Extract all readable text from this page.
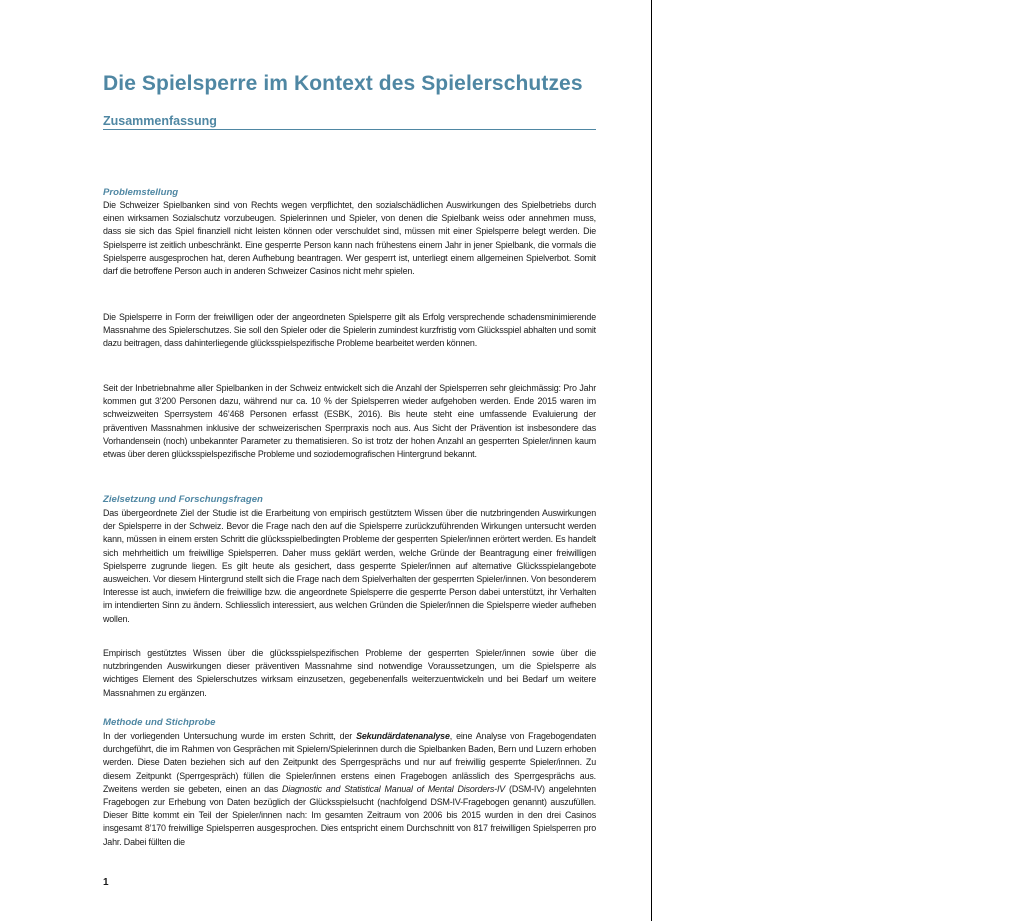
Die Spielsperre im Kontext des Spielerschutzes
Zusammenfassung
Problemstellung

Die Schweizer Spielbanken sind von Rechts wegen verpflichtet, den sozialschädlichen Auswirkungen des Spielbetriebs durch einen wirksamen Sozialschutz vorzubeugen. Spielerinnen und Spieler, von denen die Spielbank weiss oder annehmen muss, dass sie sich das Spiel finanziell nicht leisten können oder verschuldet sind, müssen mit einer Spielsperre belegt werden. Die Spielsperre ist zeitlich unbeschränkt. Eine gesperrte Person kann nach frühestens einem Jahr in jener Spielbank, die vormals die Spielsperre ausgesprochen hat, deren Aufhebung beantragen. Wer gesperrt ist, unterliegt einem allgemeinen Spielverbot. Somit darf die betroffene Person auch in anderen Schweizer Casinos nicht mehr spielen.

Die Spielsperre in Form der freiwilligen oder der angeordneten Spielsperre gilt als Erfolg versprechende schadensminimierende Massnahme des Spielerschutzes. Sie soll den Spieler oder die Spielerin zumindest kurzfristig vom Glücksspiel abhalten und somit dazu beitragen, dass dahinterliegende glücksspielspezifische Probleme bearbeitet werden können.

Seit der Inbetriebnahme aller Spielbanken in der Schweiz entwickelt sich die Anzahl der Spielsperren sehr gleichmässig: Pro Jahr kommen gut 3’200 Personen dazu, während nur ca. 10 % der Spielsperren wieder aufgehoben werden. Ende 2015 waren im schweizweiten Sperrsystem 46’468 Personen erfasst (ESBK, 2016). Bis heute steht eine umfassende Evaluierung der präventiven Massnahmen inklusive der schweizerischen Sperrpraxis noch aus. Aus Sicht der Prävention ist insbesondere das Vorhandensein (noch) unbekannter Parameter zu thematisieren. So ist trotz der hohen Anzahl an gesperrten Spieler/innen kaum etwas über deren glücksspielspezifische Probleme und soziodemografischen Hintergrund bekannt.

Zielsetzung und Forschungsfragen

Das übergeordnete Ziel der Studie ist die Erarbeitung von empirisch gestütztem Wissen über die nutzbringenden Auswirkungen der Spielsperre in der Schweiz. Bevor die Frage nach den auf die Spielsperre zurückzuführenden Wirkungen untersucht werden kann, müssen in einem ersten Schritt die glücksspielbedingten Probleme der gesperrten Spieler/innen erörtert werden. Es handelt sich mehrheitlich um freiwillige Spielsperren. Daher muss geklärt werden, welche Gründe der Beantragung einer freiwilligen Spielsperre zugrunde liegen. Es gilt heute als gesichert, dass gesperrte Spieler/innen auf alternative Glücksspielangebote ausweichen. Vor diesem Hintergrund stellt sich die Frage nach dem Spielverhalten der gesperrten Spieler/innen. Von besonderem Interesse ist auch, inwiefern die freiwillige bzw. die angeordnete Spielsperre die gesperrte Person dabei unterstützt, ihr Verhalten im intendierten Sinn zu ändern. Schliesslich interessiert, aus welchen Gründen die Spieler/innen die Spielsperre wieder aufheben wollen.

Empirisch gestütztes Wissen über die glücksspielspezifischen Probleme der gesperrten Spieler/innen sowie über die nutzbringenden Auswirkungen dieser präventiven Massnahme sind notwendige Voraussetzungen, um die Spielsperre als wichtiges Element des Spielerschutzes wirksam einzusetzen, gegebenenfalls weiterzuentwickeln und bei Bedarf um weitere Massnahmen zu ergänzen.

Methode und Stichprobe

In der vorliegenden Untersuchung wurde im ersten Schritt, der Sekundärdatenanalyse, eine Analyse von Fragebogendaten durchgeführt, die im Rahmen von Gesprächen mit Spielern/Spielerinnen durch die Spielbanken Baden, Bern und Luzern erhoben werden. Diese Daten beziehen sich auf den Zeitpunkt des Sperrgesprächs und nur auf freiwillig gesperrte Spieler/innen. Zu diesem Zeitpunkt (Sperrgespräch) füllen die Spieler/innen erstens einen Fragebogen anlässlich des Sperrgesprächs aus. Zweitens werden sie gebeten, einen an das Diagnostic and Statistical Manual of Mental Disorders-IV (DSM-IV) angelehnten Fragebogen zur Erhebung von Daten bezüglich der Glücksspielsucht (nachfolgend DSM-IV-Fragebogen genannt) auszufüllen. Dieser Bitte kommt ein Teil der Spieler/innen nach: Im gesamten Zeitraum von 2006 bis 2015 wurden in den drei Casinos insgesamt 8’170 freiwillige Spielsperren ausgesprochen. Dies entspricht einem Durchschnitt von 817 freiwilligen Spielsperren pro Jahr. Dabei füllten die

1
